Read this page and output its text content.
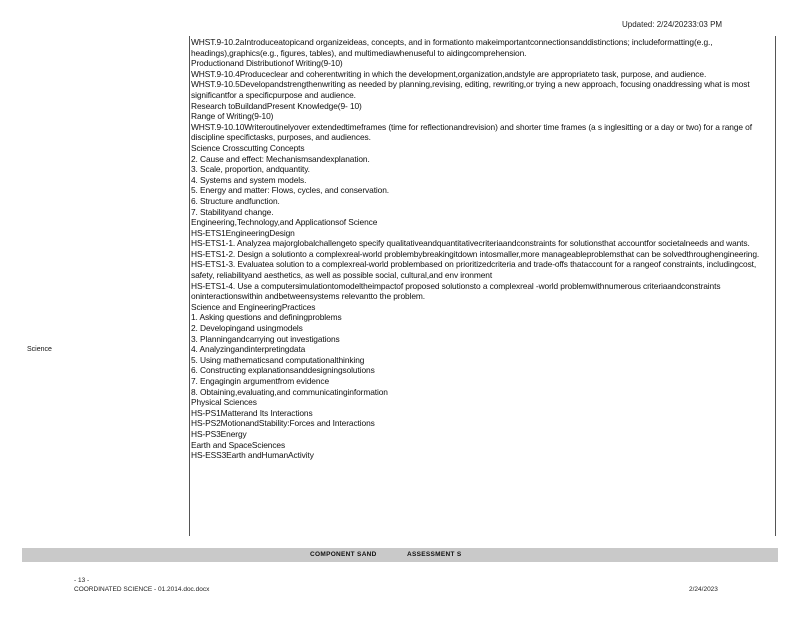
Updated: 2/24/20233:03 PM
Science
WHST.9-10.2aIntroduceatopicand organizeideas, concepts, and in formationto makeimportantconnectionsanddistinctions; includeformatting(e.g., headings),graphics(e.g., figures, tables), and multimediawhenuseful to aidingcomprehension.
Productionand Distributionof Writing(9-10)
WHST.9-10.4Produceclear and coherentwriting in which the development,organization,andstyle are appropriateto task, purpose, and audience.
WHST.9-10.5Developandstrengthenwriting as needed by planning,revising, editing, rewriting,or trying a new approach, focusing onaddressing what is most significantfor a specificpurpose and audience.
Research toBuildandPresent Knowledge(9- 10)
Range of Writing(9-10)
WHST.9-10.10Writeroutinelyover extendedtimeframes (time for reflectionandrevision) and shorter time frames (a s inglesitting or a day or two) for a range of discipline specifictasks, purposes, and audiences.
Science Crosscutting Concepts
2. Cause and effect: Mechanismsandexplanation.
3. Scale, proportion, andquantity.
4. Systems and system models.
5. Energy and matter: Flows, cycles, and conservation.
6. Structure andfunction.
7. Stabilityand change.
Engineering,Technology,and Applicationsof Science
HS-ETS1EngineeringDesign
HS-ETS1-1. Analyzea majorglobalchallengeto specify qualitativeandquantitativecriteriaandconstraints for solutionsthat accountfor societalneeds and wants.
HS-ETS1-2. Design a solutionto a complexreal-world problembybreakingitdown intosmaller,more manageableproblemsthat can be solvedthroughengineering.
HS-ETS1-3. Evaluatea solution to a complexreal-world problembased on prioritizedcriteria and trade-offs thataccount for a rangeof constraints, includingcost, safety, reliabilityand aesthetics, as well as possible social, cultural,and env ironment
HS-ETS1-4. Use a computersimulationtomodeltheimpactof proposed solutionsto a complexreal -world problemwithnumerous criteriaandconstraints oninteractionswithin andbetweensystems relevantto the problem.
Science and EngineeringPractices
1. Asking questions and definingproblems
2. Developingand usingmodels
3. Planningandcarrying out investigations
4. Analyzingandinterpretingdata
5. Using mathematicsand computationalthinking
6. Constructing explanationsanddesigningsolutions
7. Engagingin argumentfrom evidence
8. Obtaining,evaluating,and communicatinginformation
Physical Sciences
HS-PS1Matterand Its Interactions
HS-PS2MotionandStability:Forces and Interactions
HS-PS3Energy
Earth and SpaceSciences
HS-ESS3Earth andHumanActivity
COMPONENT SAND	ASSESSMENT S
- 13 -
COORDINATED SCIENCE - 01.2014.doc.docx	2/24/2023
